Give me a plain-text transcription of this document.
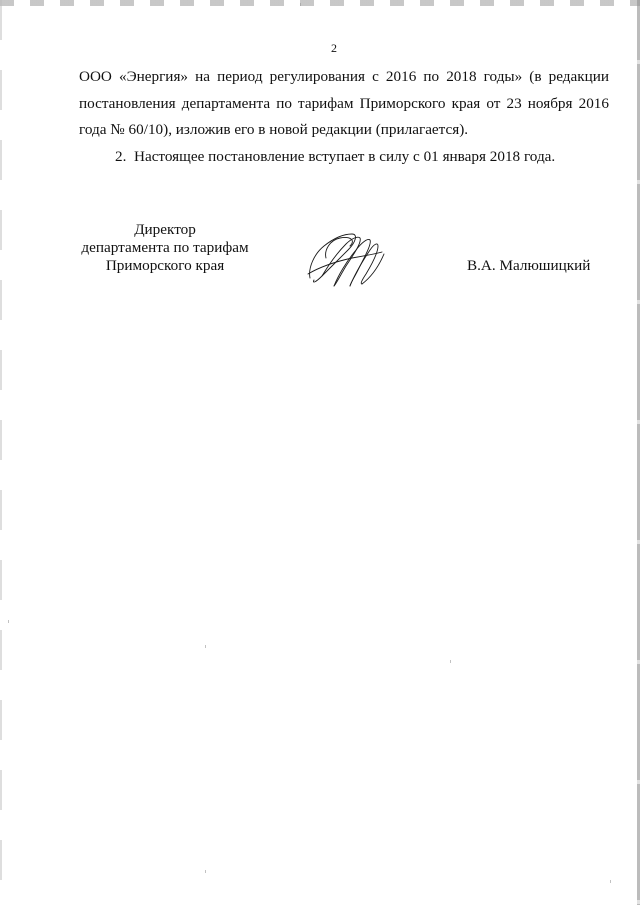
2

ООО «Энергия» на период регулирования с 2016 по 2018 годы» (в редакции постановления департамента по тарифам Приморского края от 23 ноября 2016 года № 60/10), изложив его в новой редакции (прилагается).

2. Настоящее постановление вступает в силу с 01 января 2018 года.

Директор
департамента по тарифам
Приморского края	В.А. Малюшицкий
